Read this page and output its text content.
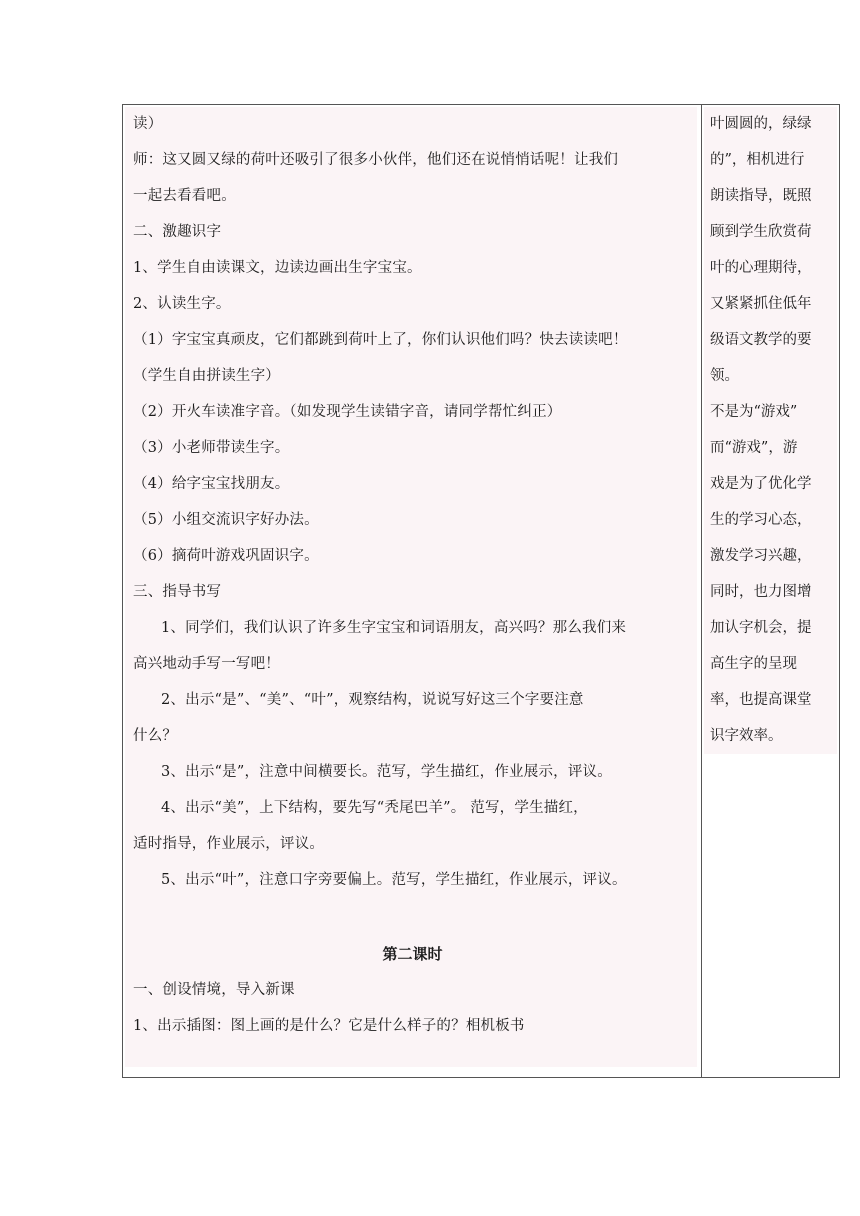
读）
师：这又圆又绿的荷叶还吸引了很多小伙伴，他们还在说悄悄话呢！让我们
一起去看看吧。
二、激趣识字
1、学生自由读课文，边读边画出生字宝宝。
2、认读生字。
（1）字宝宝真顽皮，它们都跳到荷叶上了，你们认识他们吗？快去读读吧！
（学生自由拼读生字）
（2）开火车读准字音。（如发现学生读错字音，请同学帮忙纠正）
（3）小老师带读生字。
（4）给字宝宝找朋友。
（5）小组交流识字好办法。
（6）摘荷叶游戏巩固识字。
三、指导书写
1、同学们，我们认识了许多生字宝宝和词语朋友，高兴吗？那么我们来
高兴地动手写一写吧！
2、出示“是”、“美”、“叶”，观察结构，说说写好这三个字要注意
什么？
3、出示“是”，注意中间横要长。范写，学生描红，作业展示，评议。
4、出示“美”，上下结构，要先写“秃尾巴羊”。 范写，学生描红，
适时指导，作业展示，评议。
5、出示“叶”，注意口字旁要偏上。范写，学生描红，作业展示，评议。
第二课时
一、创设情境，导入新课
1、出示插图：图上画的是什么？它是什么样子的？相机板书
叶圆圆的，绿绿
的”，相机进行
朗读指导，既照
顾到学生欣赏荷
叶的心理期待，
又紧紧抓住低年
级语文教学的要
领。
不是为“游戏”
而“游戏”，游
戏是为了优化学
生的学习心态，
激发学习兴趣，
同时，也力图增
加认字机会，提
高生字的呈现
率，也提高课堂
识字效率。
